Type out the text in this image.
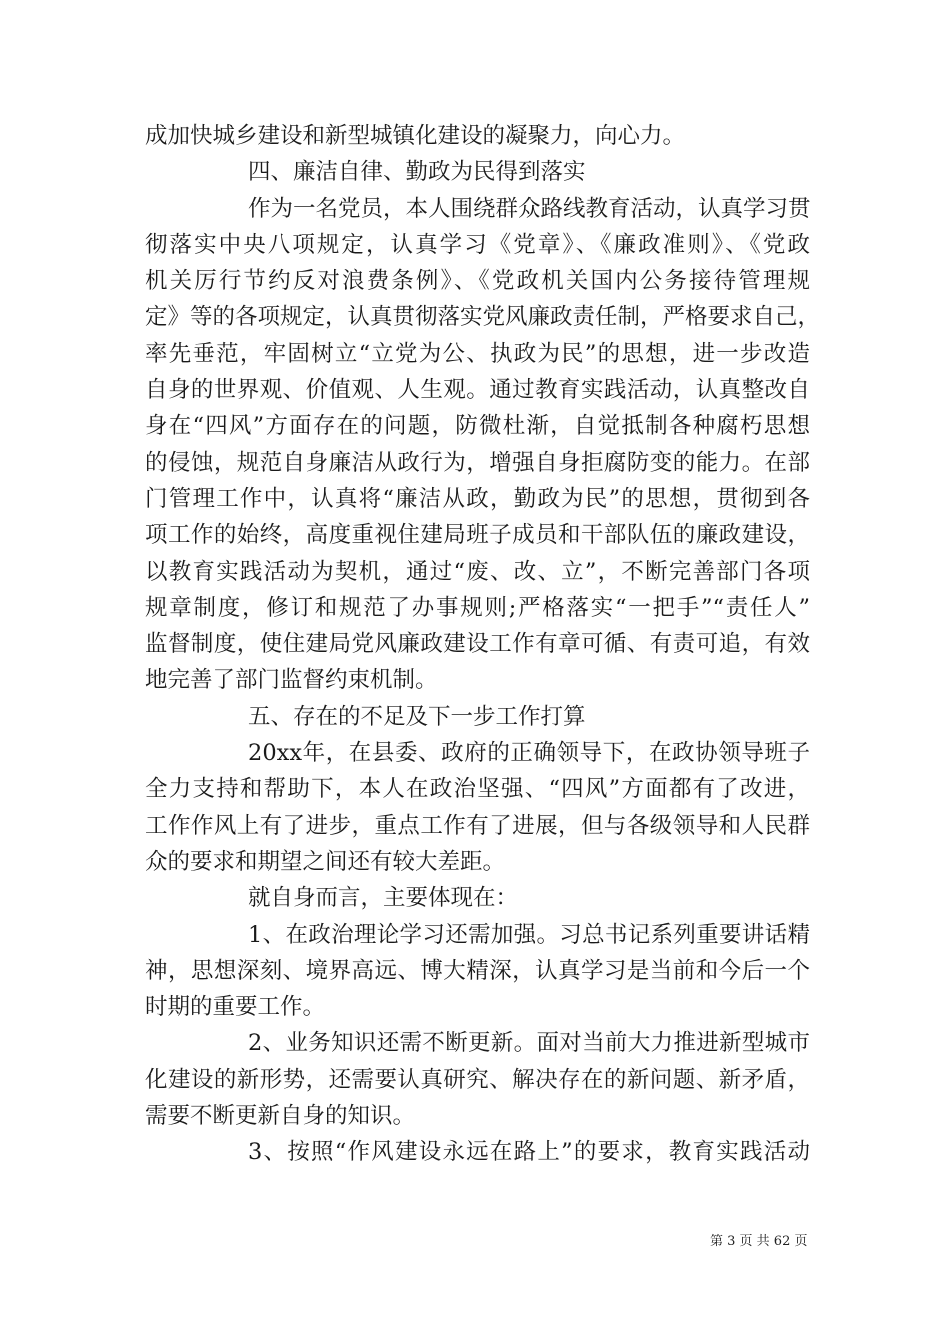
成加快城乡建设和新型城镇化建设的凝聚力，向心力。
四、廉洁自律、勤政为民得到落实
作为一名党员，本人围绕群众路线教育活动，认真学习贯
彻落实中央八项规定，认真学习《党章》、《廉政准则》、《党政
机关厉行节约反对浪费条例》、《党政机关国内公务接待管理规
定》等的各项规定，认真贯彻落实党风廉政责任制，严格要求自己，
率先垂范，牢固树立“立党为公、执政为民”的思想，进一步改造
自身的世界观、价值观、人生观。通过教育实践活动，认真整改自
身在“四风”方面存在的问题，防微杜渐，自觉抵制各种腐朽思想
的侵蚀，规范自身廉洁从政行为，增强自身拒腐防变的能力。在部
门管理工作中，认真将“廉洁从政，勤政为民”的思想，贯彻到各
项工作的始终，高度重视住建局班子成员和干部队伍的廉政建设，
以教育实践活动为契机，通过“废、改、立”，不断完善部门各项
规章制度，修订和规范了办事规则;严格落实“一把手”“责任人”
监督制度，使住建局党风廉政建设工作有章可循、有责可追，有效
地完善了部门监督约束机制。
五、存在的不足及下一步工作打算
20xx年，在县委、政府的正确领导下，在政协领导班子
全力支持和帮助下，本人在政治坚强、“四风”方面都有了改进，
工作作风上有了进步，重点工作有了进展，但与各级领导和人民群
众的要求和期望之间还有较大差距。
就自身而言，主要体现在：
1、在政治理论学习还需加强。习总书记系列重要讲话精
神，思想深刻、境界高远、博大精深，认真学习是当前和今后一个
时期的重要工作。
2、业务知识还需不断更新。面对当前大力推进新型城市
化建设的新形势，还需要认真研究、解决存在的新问题、新矛盾，
需要不断更新自身的知识。
3、按照“作风建设永远在路上”的要求，教育实践活动
第 3 页 共 62 页
